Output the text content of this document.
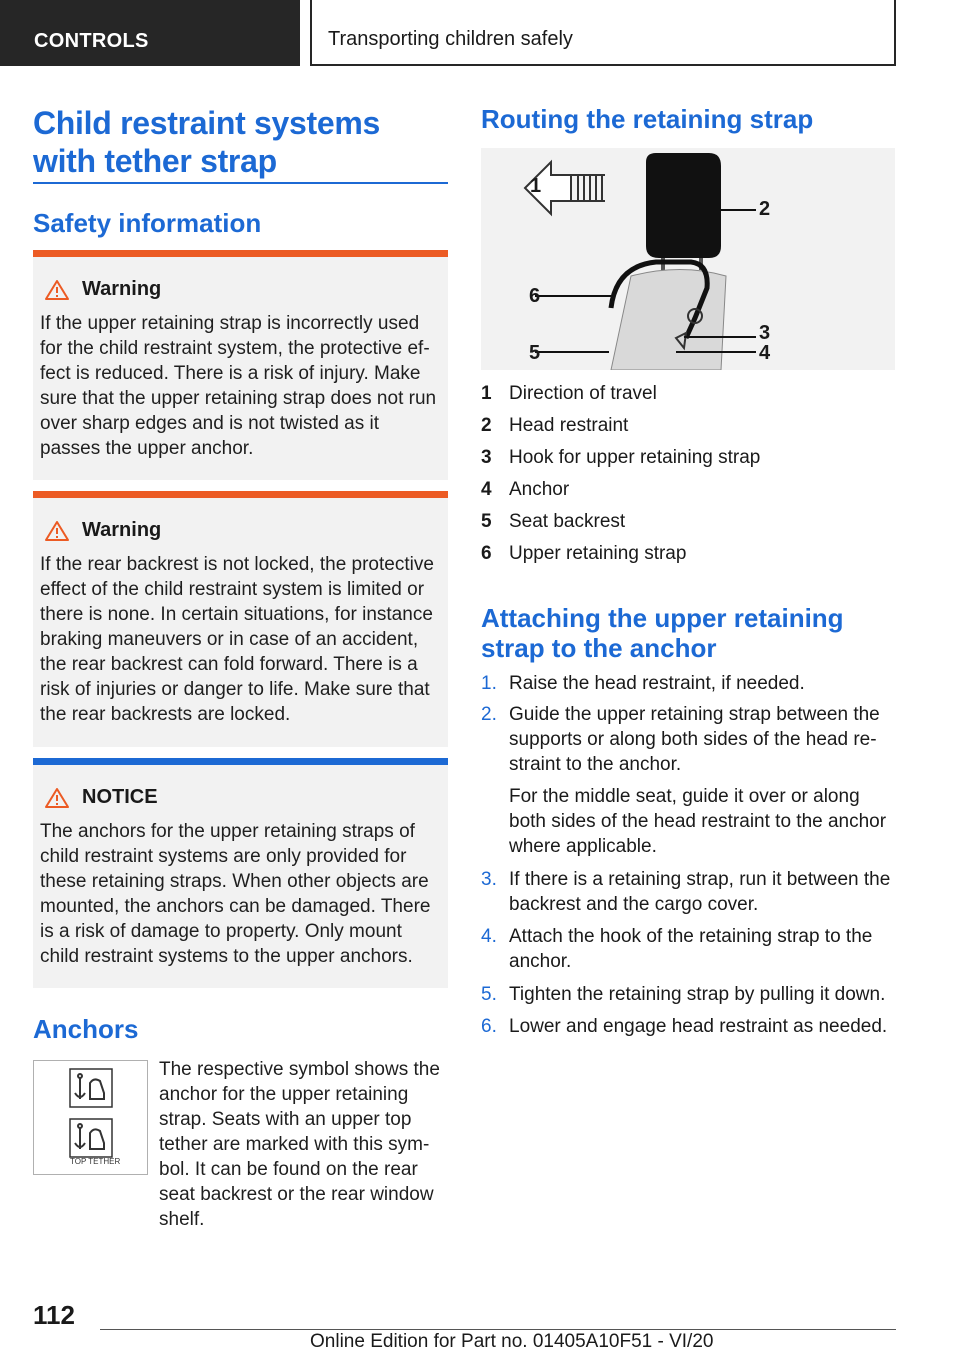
CONTROLS	Transporting children safely
Child restraint systems with tether strap
Safety information
Warning
If the upper retaining strap is incorrectly used for the child restraint system, the protective effect is reduced. There is a risk of injury. Make sure that the upper retaining strap does not run over sharp edges and is not twisted as it passes the upper anchor.
Warning
If the rear backrest is not locked, the protective effect of the child restraint system is limited or there is none. In certain situations, for instance braking maneuvers or in case of an accident, the rear backrest can fold forward. There is a risk of injuries or danger to life. Make sure that the rear backrests are locked.
NOTICE
The anchors for the upper retaining straps of child restraint systems are only provided for these retaining straps. When other objects are mounted, the anchors can be damaged. There is a risk of damage to property. Only mount child restraint systems to the upper anchors.
Anchors
TOP TETHER
The respective symbol shows the anchor for the upper retaining strap. Seats with an upper top tether are marked with this symbol. It can be found on the rear seat backrest or the rear window shelf.
Routing the retaining strap
1
2
3
4
5
6
1 Direction of travel
2 Head restraint
3 Hook for upper retaining strap
4 Anchor
5 Seat backrest
6 Upper retaining strap
Attaching the upper retaining strap to the anchor
1. Raise the head restraint, if needed.
2. Guide the upper retaining strap between the supports or along both sides of the head restraint to the anchor.
For the middle seat, guide it over or along both sides of the head restraint to the anchor where applicable.
3. If there is a retaining strap, run it between the backrest and the cargo cover.
4. Attach the hook of the retaining strap to the anchor.
5. Tighten the retaining strap by pulling it down.
6. Lower and engage head restraint as needed.
112
Online Edition for Part no. 01405A10F51 - VI/20
